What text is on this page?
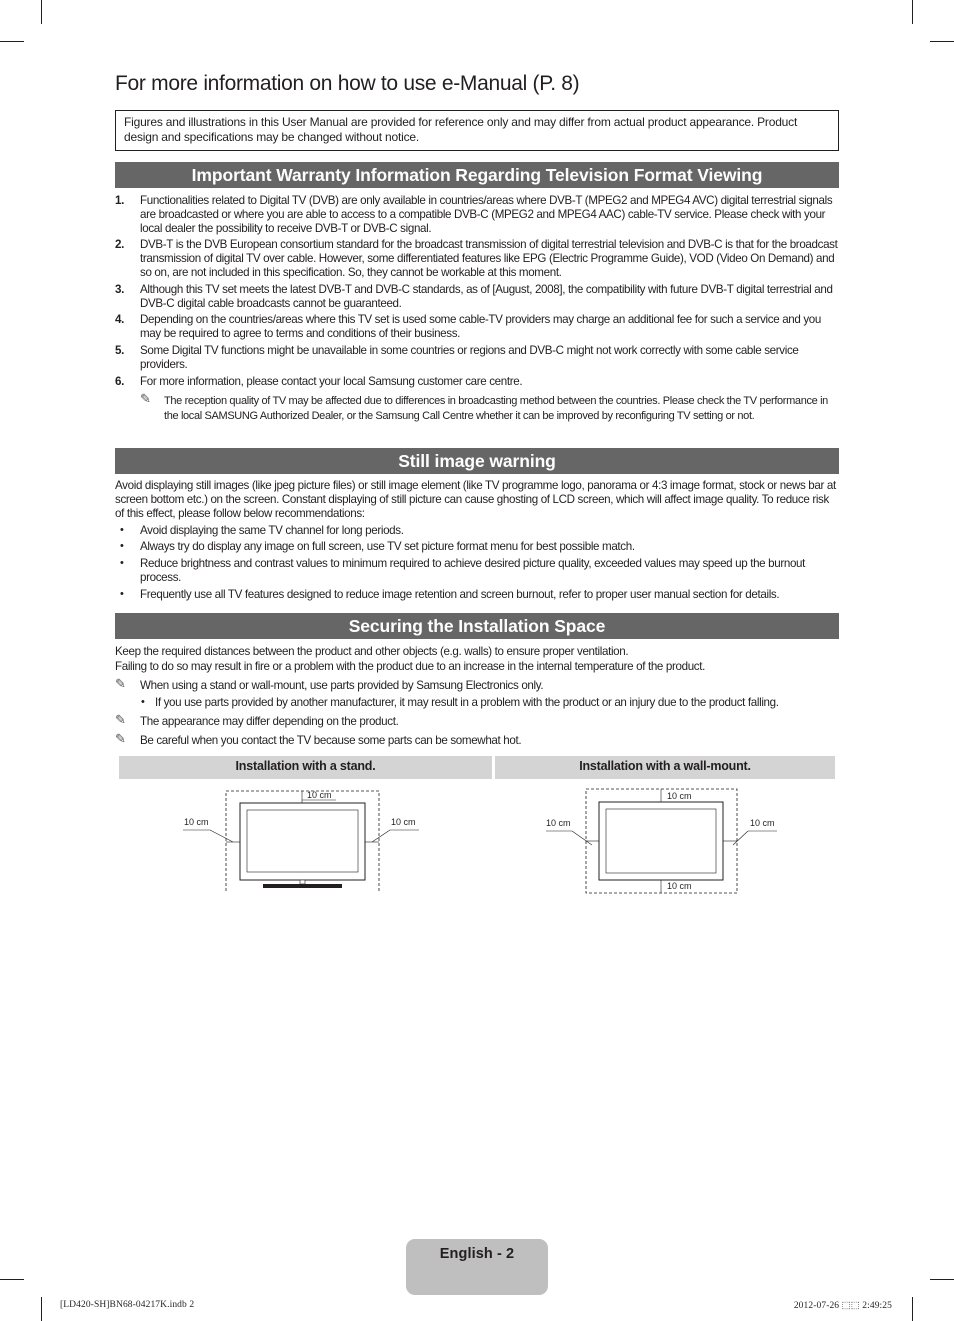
For more information on how to use e-Manual (P. 8)
Figures and illustrations in this User Manual are provided for reference only and may differ from actual product appearance. Product design and specifications may be changed without notice.
Important Warranty Information Regarding Television Format Viewing
1. Functionalities related to Digital TV (DVB) are only available in countries/areas where DVB-T (MPEG2 and MPEG4 AVC) digital terrestrial signals are broadcasted or where you are able to access to a compatible DVB-C (MPEG2 and MPEG4 AAC) cable-TV service. Please check with your local dealer the possibility to receive DVB-T or DVB-C signal.
2. DVB-T is the DVB European consortium standard for the broadcast transmission of digital terrestrial television and DVB-C is that for the broadcast transmission of digital TV over cable. However, some differentiated features like EPG (Electric Programme Guide), VOD (Video On Demand) and so on, are not included in this specification. So, they cannot be workable at this moment.
3. Although this TV set meets the latest DVB-T and DVB-C standards, as of [August, 2008], the compatibility with future DVB-T digital terrestrial and DVB-C digital cable broadcasts cannot be guaranteed.
4. Depending on the countries/areas where this TV set is used some cable-TV providers may charge an additional fee for such a service and you may be required to agree to terms and conditions of their business.
5. Some Digital TV functions might be unavailable in some countries or regions and DVB-C might not work correctly with some cable service providers.
6. For more information, please contact your local Samsung customer care centre.
✎ The reception quality of TV may be affected due to differences in broadcasting method between the countries. Please check the TV performance in the local SAMSUNG Authorized Dealer, or the Samsung Call Centre whether it can be improved by reconfiguring TV setting or not.
Still image warning
Avoid displaying still images (like jpeg picture files) or still image element (like TV programme logo, panorama or 4:3 image format, stock or news bar at screen bottom etc.) on the screen. Constant displaying of still picture can cause ghosting of LCD screen, which will affect image quality. To reduce risk of this effect, please follow below recommendations:
• Avoid displaying the same TV channel for long periods.
• Always try do display any image on full screen, use TV set picture format menu for best possible match.
• Reduce brightness and contrast values to minimum required to achieve desired picture quality, exceeded values may speed up the burnout process.
• Frequently use all TV features designed to reduce image retention and screen burnout, refer to proper user manual section for details.
Securing the Installation Space
Keep the required distances between the product and other objects (e.g. walls) to ensure proper ventilation.
Failing to do so may result in fire or a problem with the product due to an increase in the internal temperature of the product.
✎ When using a stand or wall-mount, use parts provided by Samsung Electronics only.
• If you use parts provided by another manufacturer, it may result in a problem with the product or an injury due to the product falling.
✎ The appearance may differ depending on the product.
✎ Be careful when you contact the TV because some parts can be somewhat hot.
Installation with a stand.	Installation with a wall-mount.
10 cm	10 cm
10 cm
10 cm	10 cm
10 cm
10 cm
English - 2
[LD420-SH]BN68-04217K.indb 2	2012-07-26 ⬚⬚ 2:49:25
